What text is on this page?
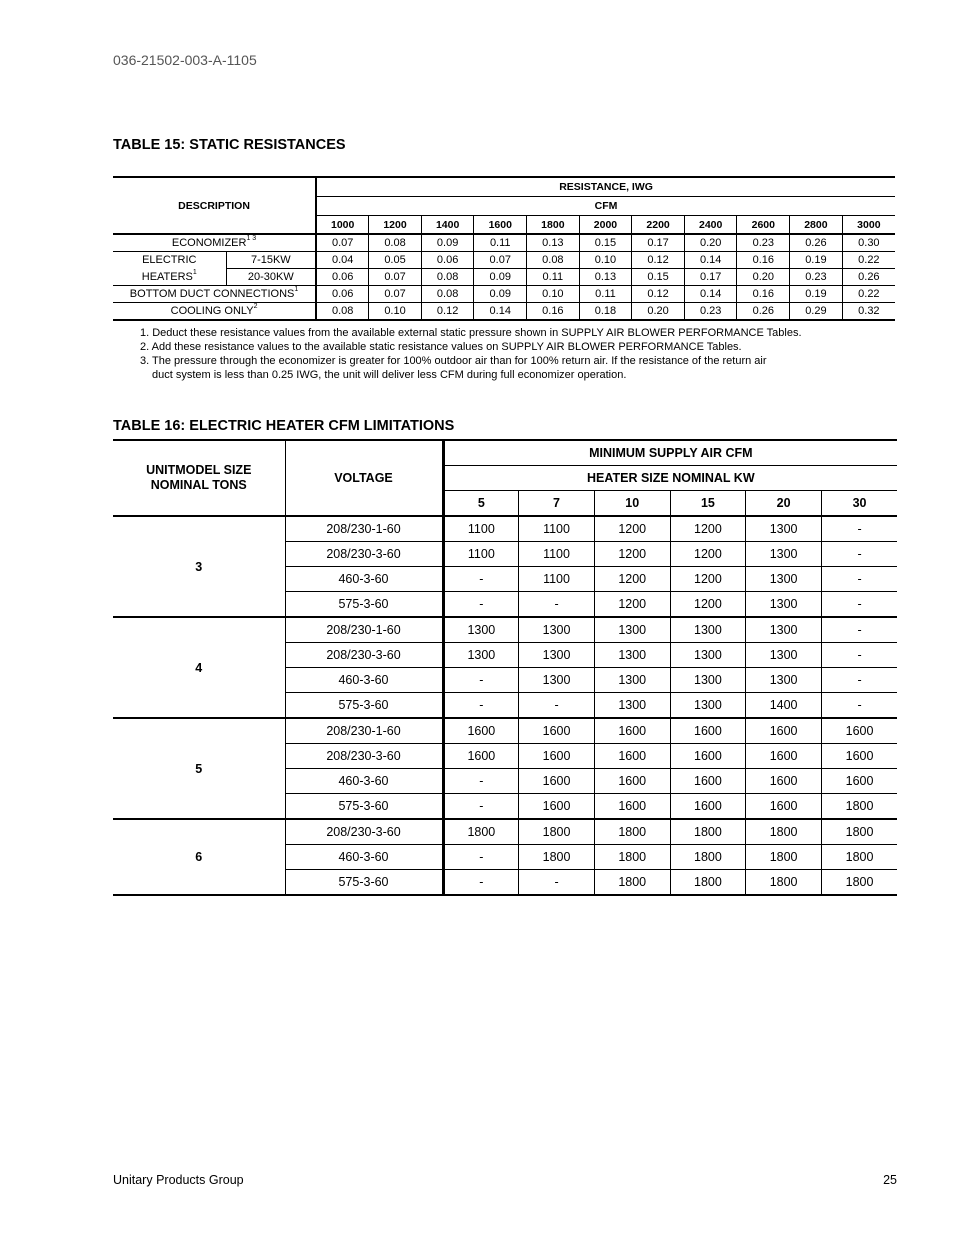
036-21502-003-A-1105
TABLE 15: STATIC RESISTANCES
DESCRIPTION		RESISTANCE, IWG										
		CFM										
		1000	1200	1400	1600	1800	2000	2200	2400	2600	2800	3000
$ECONOMIZER^{1 3}$		0.07	0.08	0.09	0.11	0.13	0.15	0.17	0.20	0.23	0.26	0.30
ELECTRIC	7-15KW	0.04	0.05	0.06	0.07	0.08	0.10	0.12	0.14	0.16	0.19	0.22
HEATERS$^1$	20-30KW	0.06	0.07	0.08	0.09	0.11	0.13	0.15	0.17	0.20	0.23	0.26
BOTTOM DUCT CONNECTIONS$^1$		0.06	0.07	0.08	0.09	0.10	0.11	0.12	0.14	0.16	0.19	0.22
COOLING ONLY$^2$		0.08	0.10	0.12	0.14	0.16	0.18	0.20	0.23	0.26	0.29	0.32
1. Deduct these resistance values from the available external static pressure shown in SUPPLY AIR BLOWER PERFORMANCE Tables.
2. Add these resistance values to the available static resistance values on SUPPLY AIR BLOWER PERFORMANCE Tables.
3. The pressure through the economizer is greater for 100% outdoor air than for 100% return air. If the resistance of the return air
duct system is less than 0.25 IWG, the unit will deliver less CFM during full economizer operation.
TABLE 16: ELECTRIC HEATER CFM LIMITATIONS
UNITMODEL SIZE NOMINAL TONS	VOLTAGE	MINIMUM SUPPLY AIR CFM					
		HEATER SIZE NOMINAL KW					
		5	7	10	15	20	30
3	208/230-1-60	1100	1100	1200	1200	1300	-
	208/230-3-60	1100	1100	1200	1200	1300	-
	460-3-60	-	1100	1200	1200	1300	-
	575-3-60	-	-	1200	1200	1300	-
4	208/230-1-60	1300	1300	1300	1300	1300	-
	208/230-3-60	1300	1300	1300	1300	1300	-
	460-3-60	-	1300	1300	1300	1300	-
	575-3-60	-	-	1300	1300	1400	-
5	208/230-1-60	1600	1600	1600	1600	1600	1600
	208/230-3-60	1600	1600	1600	1600	1600	1600
	460-3-60	-	1600	1600	1600	1600	1600
	575-3-60	-	1600	1600	1600	1600	1800
6	208/230-3-60	1800	1800	1800	1800	1800	1800
	460-3-60	-	1800	1800	1800	1800	1800
	575-3-60	-	-	1800	1800	1800	1800
Unitary Products Group	25
